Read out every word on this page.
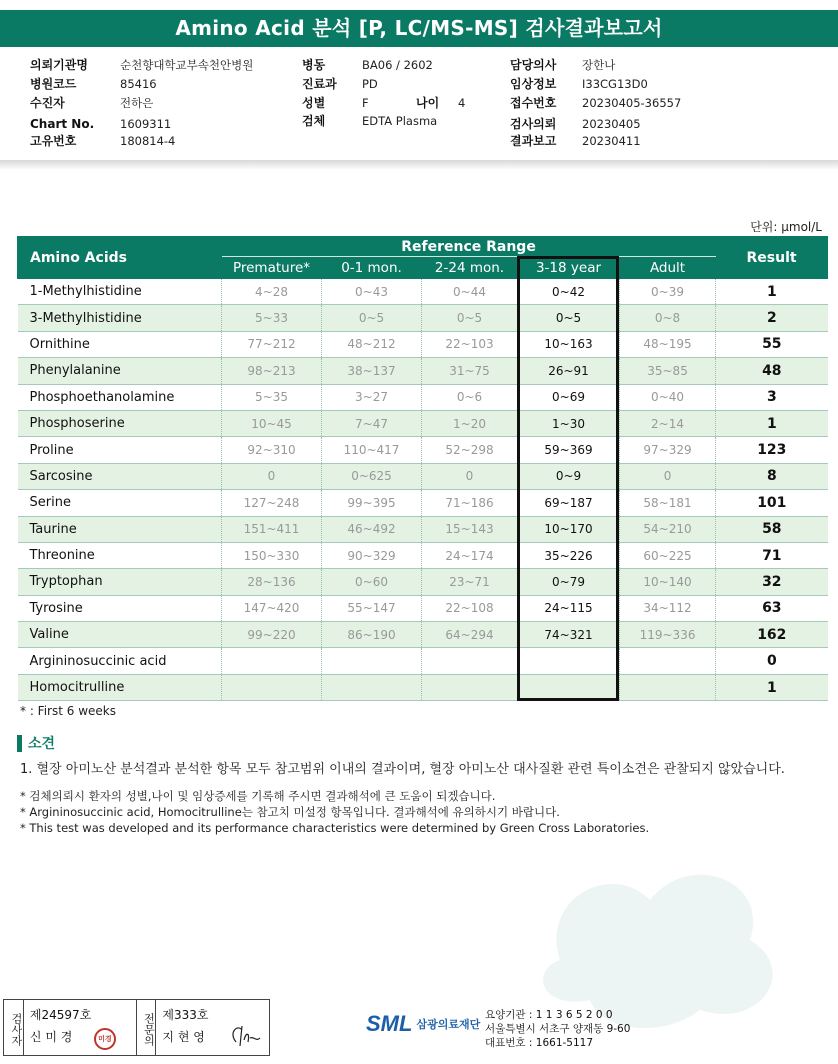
Amino Acid 분석 [P, LC/MS-MS] 검사결과보고서
의뢰기관명	순천향대학교부속천안병원
병원코드	85416
수진자	전하은
Chart No. 1609311
고유번호	180814-4
병동	BA06 / 2602
진료과 PD
성별	F	나이 4
검체	EDTA Plasma
담당의사 장한나
임상정보 I33CG13D0
접수번호 20230405-36557
검사의뢰 20230405
결과보고 20230411
단위: μmol/L
Amino Acids	Reference Range					Result
	Premature*	0-1 mon.	2-24 mon.	3-18 year	Adult	
1-Methylhistidine	4~28	0~43	0~44	0~42	0~39	1
3-Methylhistidine	5~33	0~5	0~5	0~5	0~8	2
Ornithine	77~212	48~212	22~103	10~163	48~195	55
Phenylalanine	98~213	38~137	31~75	26~91	35~85	48
Phosphoethanolamine	5~35	3~27	0~6	0~69	0~40	3
Phosphoserine	10~45	7~47	1~20	1~30	2~14	1
Proline	92~310	110~417	52~298	59~369	97~329	123
Sarcosine	0	0~625	0	0~9	0	8
Serine	127~248	99~395	71~186	69~187	58~181	101
Taurine	151~411	46~492	15~143	10~170	54~210	58
Threonine	150~330	90~329	24~174	35~226	60~225	71
Tryptophan	28~136	0~60	23~71	0~79	10~140	32
Tyrosine	147~420	55~147	22~108	24~115	34~112	63
Valine	99~220	86~190	64~294	74~321	119~336	162
Argininosuccinic acid						0
Homocitrulline						1
* : First 6 weeks
소견
1. 혈장 아미노산 분석결과 분석한 항목 모두 참고범위 이내의 결과이며, 혈장 아미노산 대사질환 관련 특이소견은 관찰되지 않았습니다.
* 검체의뢰시 환자의 성별,나이 및 임상증세를 기록해 주시면 결과해석에 큰 도움이 되겠습니다.
* Argininosuccinic acid, Homocitrulline는 참고치 미설정 항목입니다. 결과해석에 유의하시기 바랍니다.
* This test was developed and its performance characteristics were determined by Green Cross Laboratories.
검사자 제24597호
신 미 경	미경	전문의 제333호
지 현 영
SML 삼광의료재단
요양기관 : 1 1 3 6 5 2 0 0
서울특별시 서초구 양재동 9-60
대표번호 : 1661-5117
